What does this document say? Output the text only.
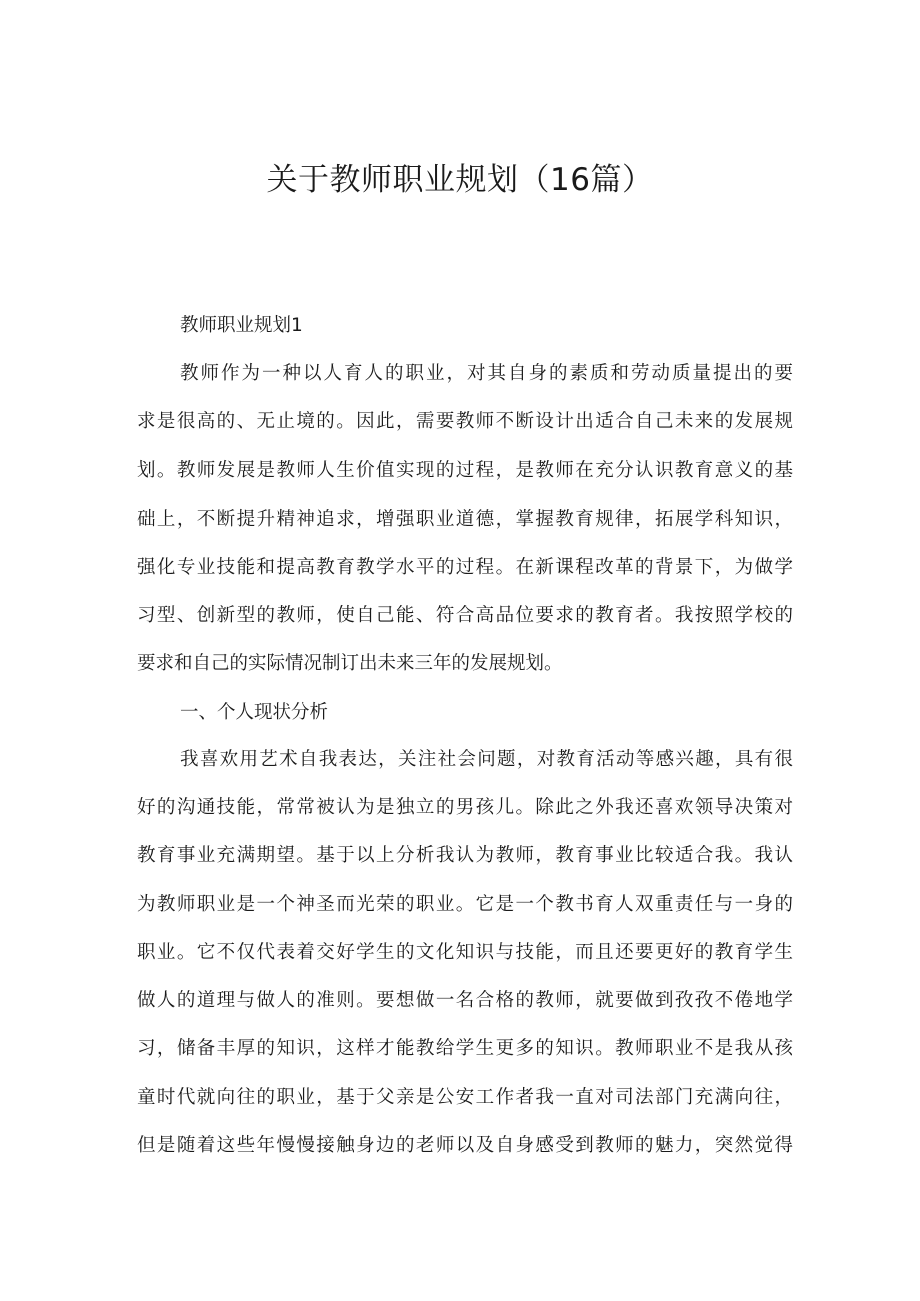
关于教师职业规划（16篇）
教师职业规划1
教师作为一种以人育人的职业，对其自身的素质和劳动质量提出的要
求是很高的、无止境的。因此，需要教师不断设计出适合自己未来的发展规
划。教师发展是教师人生价值实现的过程，是教师在充分认识教育意义的基
础上，不断提升精神追求，增强职业道德，掌握教育规律，拓展学科知识，
强化专业技能和提高教育教学水平的过程。在新课程改革的背景下，为做学
习型、创新型的教师，使自己能、符合高品位要求的教育者。我按照学校的
要求和自己的实际情况制订出未来三年的发展规划。
一、个人现状分析
我喜欢用艺术自我表达，关注社会问题，对教育活动等感兴趣，具有很
好的沟通技能，常常被认为是独立的男孩儿。除此之外我还喜欢领导决策对
教育事业充满期望。基于以上分析我认为教师，教育事业比较适合我。我认
为教师职业是一个神圣而光荣的职业。它是一个教书育人双重责任与一身的
职业。它不仅代表着交好学生的文化知识与技能，而且还要更好的教育学生
做人的道理与做人的准则。要想做一名合格的教师，就要做到孜孜不倦地学
习，储备丰厚的知识，这样才能教给学生更多的知识。教师职业不是我从孩
童时代就向往的职业，基于父亲是公安工作者我一直对司法部门充满向往，
但是随着这些年慢慢接触身边的老师以及自身感受到教师的魅力，突然觉得
